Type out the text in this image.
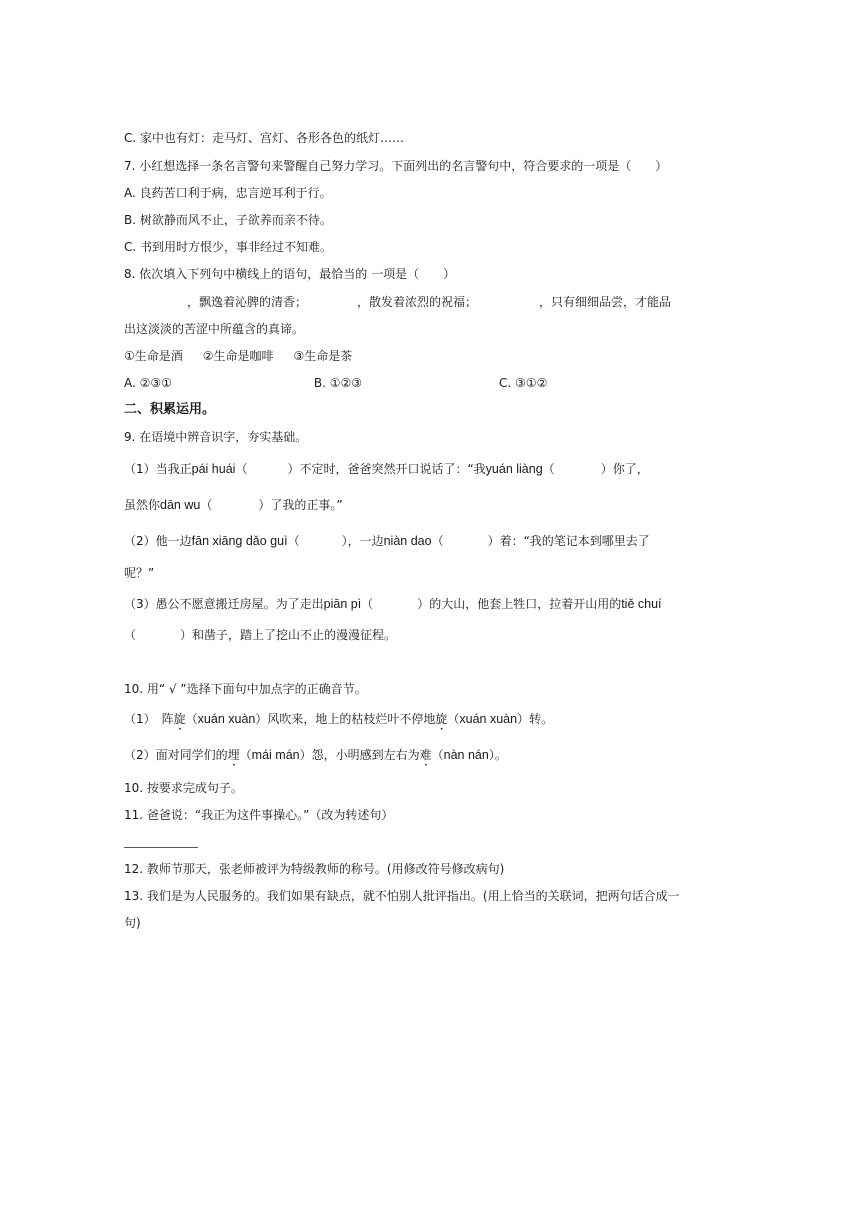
C. 家中也有灯：走马灯、宫灯、各形各色的纸灯……
7. 小红想选择一条名言警句来警醒自己努力学习。下面列出的名言警句中，符合要求的一项是（　　）
A. 良药苦口利于病，忠言逆耳利于行。
B. 树欲静而风不止，子欲养而亲不待。
C. 书到用时方恨少，事非经过不知难。
8. 依次填入下列句中横线上的语句，最恰当的 一项是（　　）
，飘逸着沁脾的清香；	，散发着浓烈的祝福；	，只有细细品尝，才能品
出这淡淡的苦涩中所蕴含的真谛。
①生命是酒 ②生命是咖啡 ③生命是茶
A. ②③①	B. ①②③	C. ③①②
二、积累运用。
9. 在语境中辨音识字，夯实基础。
（1）当我正pái huái（	）不定时，爸爸突然开口说话了：“我yuán liàng（	）你了，
虽然你dān wu（	）了我的正事。”
（2）他一边fān xiāng dǎo guì（	），一边niàn dao（	）着：“我的笔记本到哪里去了
呢？”
（3）愚公不愿意搬迁房屋。为了走出piān pì（	）的大山，他套上牲口，拉着开山用的tiě chuí
（	）和凿子，踏上了挖山不止的漫漫征程。
10. 用“ √ ”选择下面句中加点字的正确音节。
（1）　阵旋（xuán xuàn）风吹来，地上的枯枝烂叶不停地旋（xuán xuàn）转。
（2）面对同学们的埋（mái mán）怨，小明感到左右为难（nàn nán）。
10. 按要求完成句子。
11. 爸爸说：“我正为这件事操心。”（改为转述句）
12. 教师节那天，张老师被评为特级教师的称号。(用修改符号修改病句)
13. 我们是为人民服务的。我们如果有缺点，就不怕别人批评指出。(用上恰当的关联词，把两句话合成一
句)
